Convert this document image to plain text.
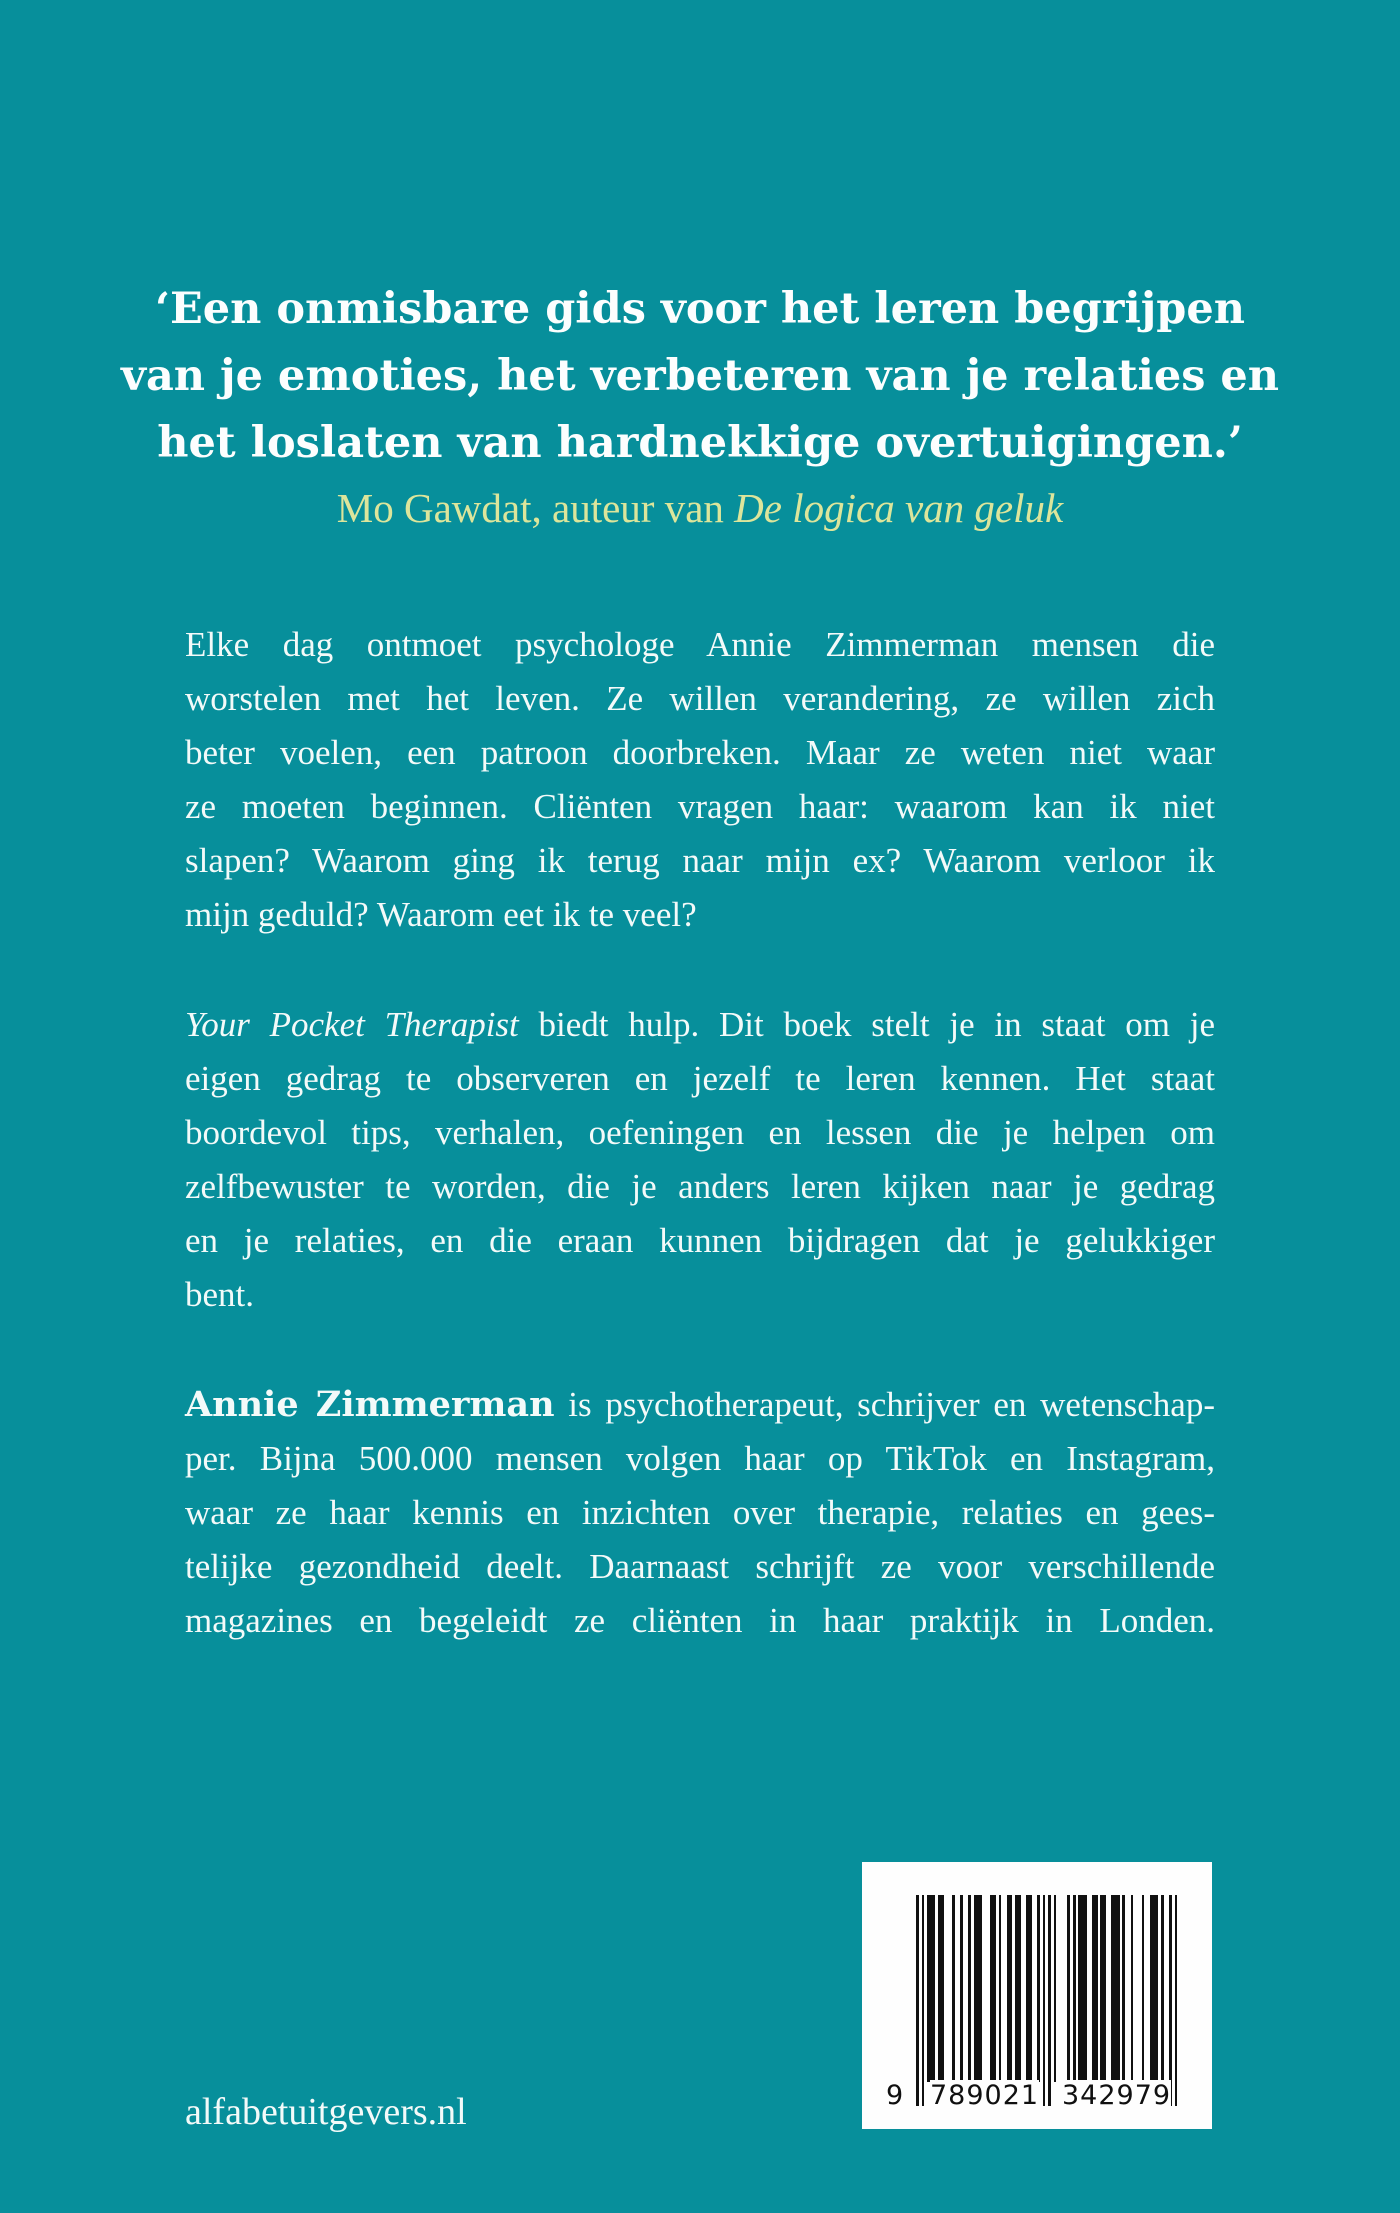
‘Een onmisbare gids voor het leren begrijpen
van je emoties, het verbeteren van je relaties en
het loslaten van hardnekkige overtuigingen.’
Mo Gawdat, auteur van De logica van geluk
Elke dag ontmoet psychologe Annie Zimmerman mensen die
worstelen met het leven. Ze willen verandering, ze willen zich
beter voelen, een patroon doorbreken. Maar ze weten niet waar
ze moeten beginnen. Cliënten vragen haar: waarom kan ik niet
slapen? Waarom ging ik terug naar mijn ex? Waarom verloor ik
mijn geduld? Waarom eet ik te veel?
Your Pocket Therapist biedt hulp. Dit boek stelt je in staat om je
eigen gedrag te observeren en jezelf te leren kennen. Het staat
boordevol tips, verhalen, oefeningen en lessen die je helpen om
zelfbewuster te worden, die je anders leren kijken naar je gedrag
en je relaties, en die eraan kunnen bijdragen dat je gelukkiger
bent.
Annie Zimmerman is psychotherapeut, schrijver en wetenschap-
per. Bijna 500.000 mensen volgen haar op TikTok en Instagram,
waar ze haar kennis en inzichten over therapie, relaties en gees-
telijke gezondheid deelt. Daarnaast schrijft ze voor verschillende
magazines en begeleidt ze cliënten in haar praktijk in Londen.
alfabetuitgevers.nl	9 789021 342979
